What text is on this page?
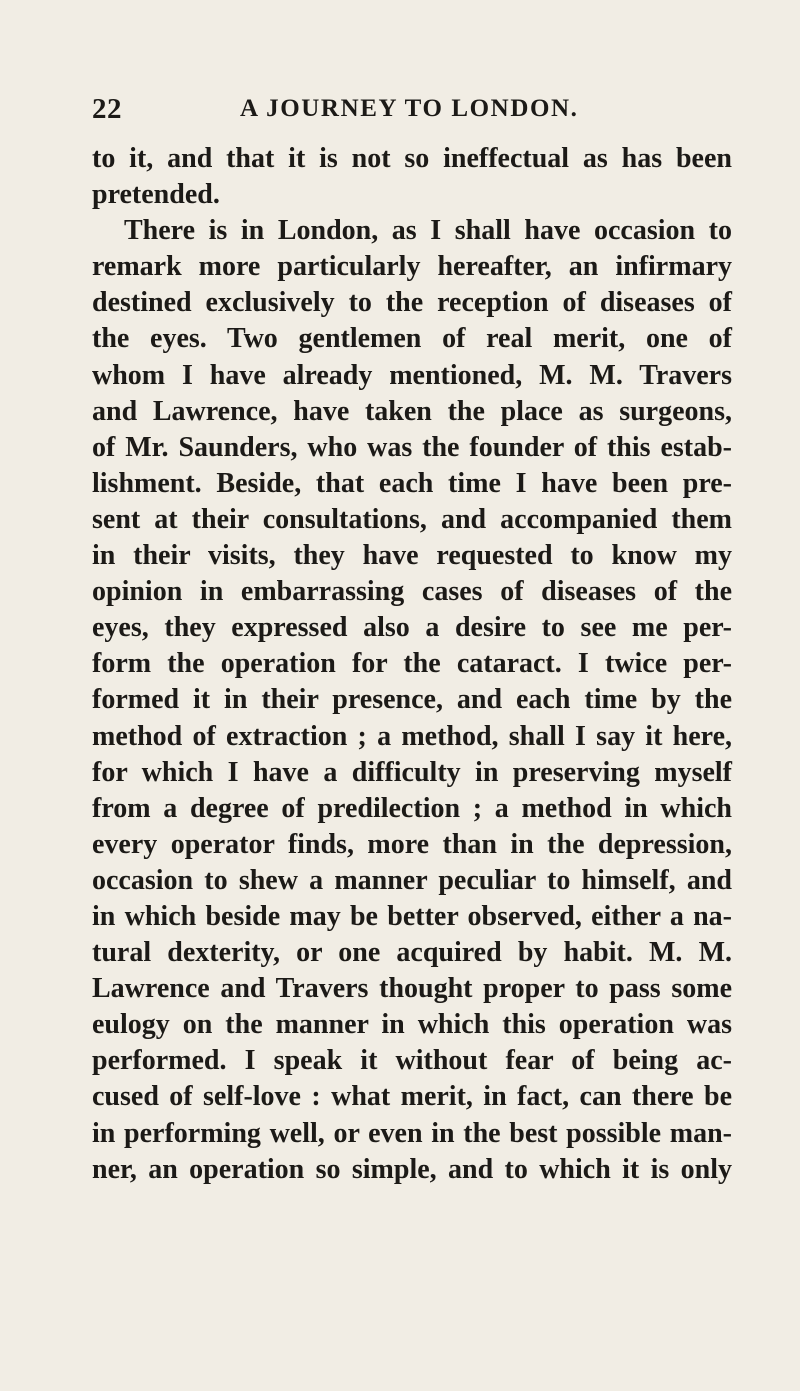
22	A JOURNEY TO LONDON.
to it, and that it is not so ineffectual as has been
pretended.
There is in London, as I shall have occasion to
remark more particularly hereafter, an infirmary
destined exclusively to the reception of diseases of
the eyes. Two gentlemen of real merit, one of
whom I have already mentioned, M. M. Travers
and Lawrence, have taken the place as surgeons,
of Mr. Saunders, who was the founder of this estab-
lishment. Beside, that each time I have been pre-
sent at their consultations, and accompanied them
in their visits, they have requested to know my
opinion in embarrassing cases of diseases of the
eyes, they expressed also a desire to see me per-
form the operation for the cataract. I twice per-
formed it in their presence, and each time by the
method of extraction ; a method, shall I say it here,
for which I have a difficulty in preserving myself
from a degree of predilection ; a method in which
every operator finds, more than in the depression,
occasion to shew a manner peculiar to himself, and
in which beside may be better observed, either a na-
tural dexterity, or one acquired by habit. M. M.
Lawrence and Travers thought proper to pass some
eulogy on the manner in which this operation was
performed. I speak it without fear of being ac-
cused of self-love : what merit, in fact, can there be
in performing well, or even in the best possible man-
ner, an operation so simple, and to which it is only
